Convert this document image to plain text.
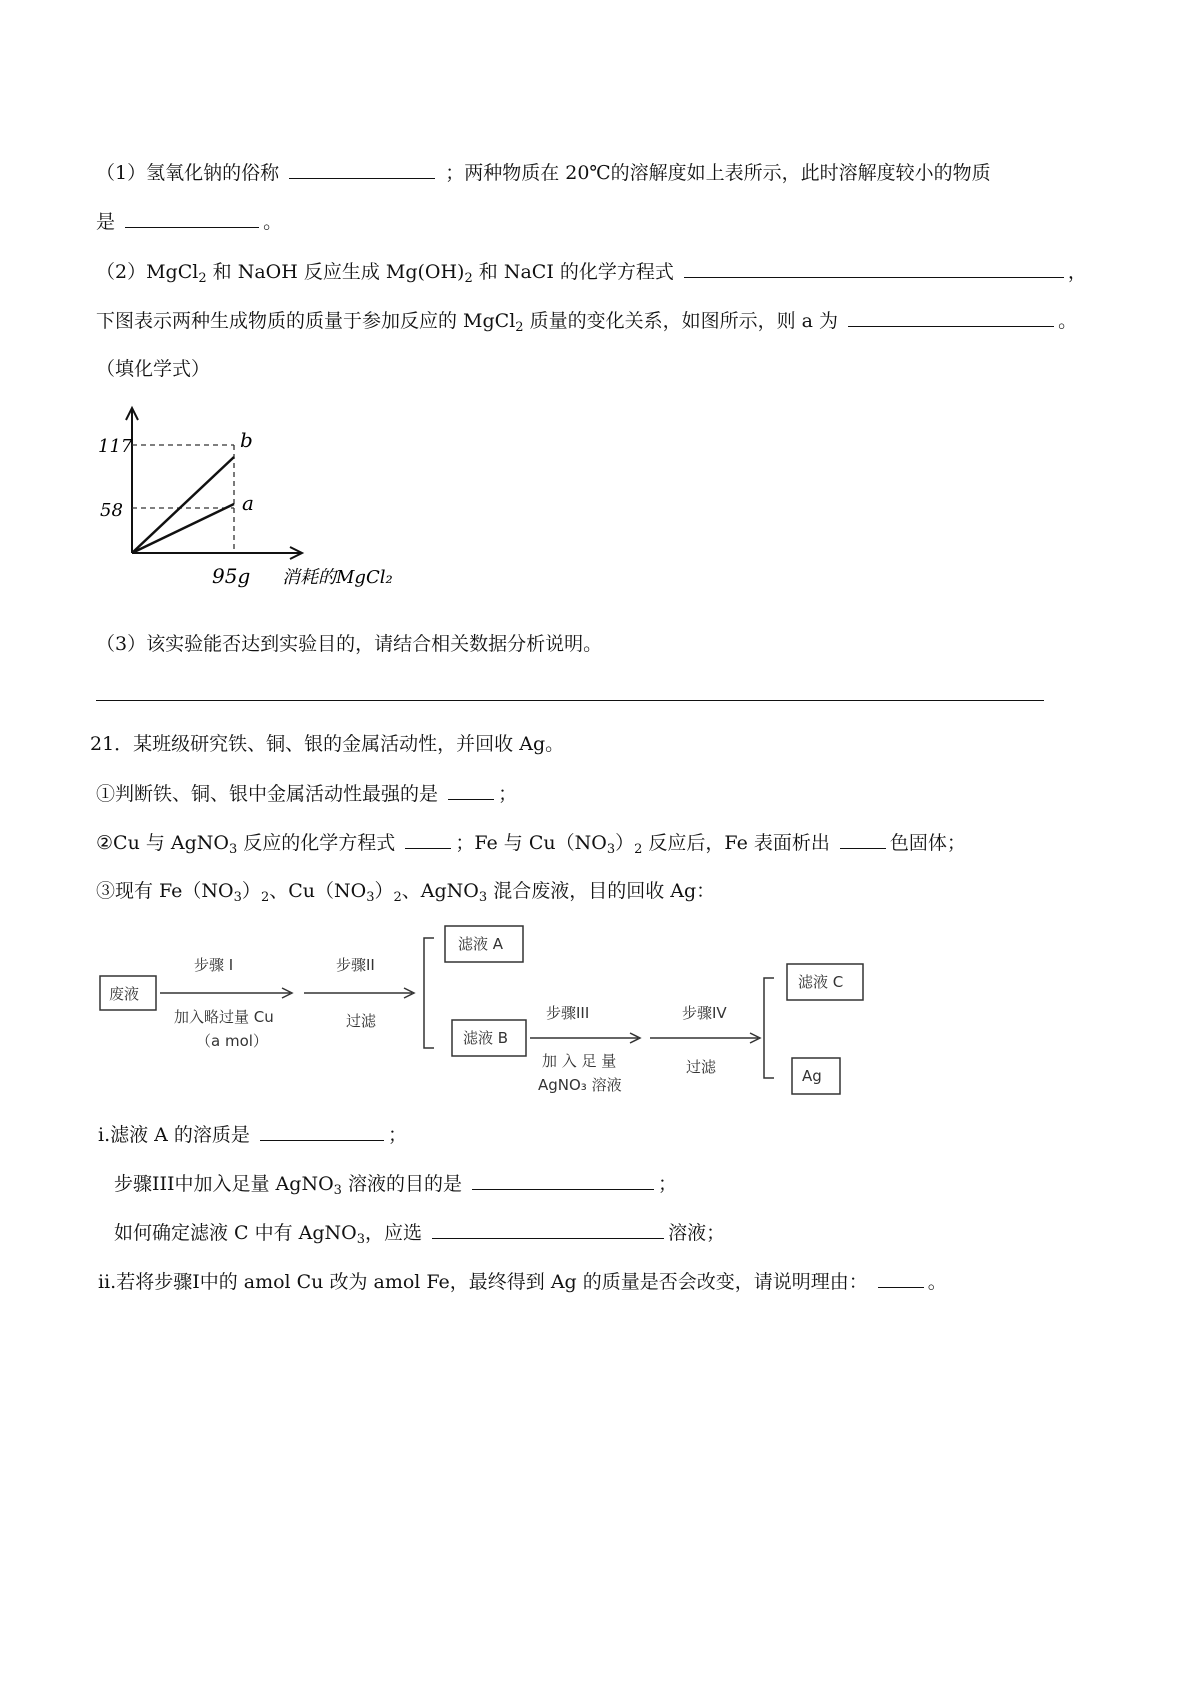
（1）氢氧化钠的俗称	；两种物质在 20℃的溶解度如上表所示，此时溶解度较小的物质
是	。
（2）MgCl$_2$ 和 NaOH 反应生成 $Mg(OH)_2$ 和 NaCI 的化学方程式	，
下图表示两种生成物质的质量于参加反应的 MgCl$_2$ 质量的变化关系，如图所示，则 a 为	。
（填化学式）
117
58
b
a
95g 消耗的MgCl₂
（3）该实验能否达到实验目的，请结合相关数据分析说明。
21．某班级研究铁、铜、银的金属活动性，并回收 Ag。
①判断铁、铜、银中金属活动性最强的是	；
②Cu 与 AgNO$_3$ 反应的化学方程式	；Fe 与 $Cu(NO_3)_2$ 反应后，Fe 表面析出	色固体；
③现有 $Fe(NO_3)_2$、$Cu(NO_3)_2$、AgNO$_3$ 混合废液，目的回收 Ag：
废液
步骤 I
加入略过量 Cu
（a mol）
步骤II
过滤
滤液 A
滤液 B
步骤III
加 入 足 量
AgNO₃ 溶液
步骤IV
过滤
滤液 C
Ag
ⅰ.滤液 A 的溶质是	；
步骤III中加入足量 AgNO$_3$ 溶液的目的是	；
如何确定滤液 C 中有 AgNO$_3$，应选	溶液；
ⅱ.若将步骤Ⅰ中的 amol Cu 改为 amol Fe，最终得到 Ag 的质量是否会改变，请说明理由：	。
